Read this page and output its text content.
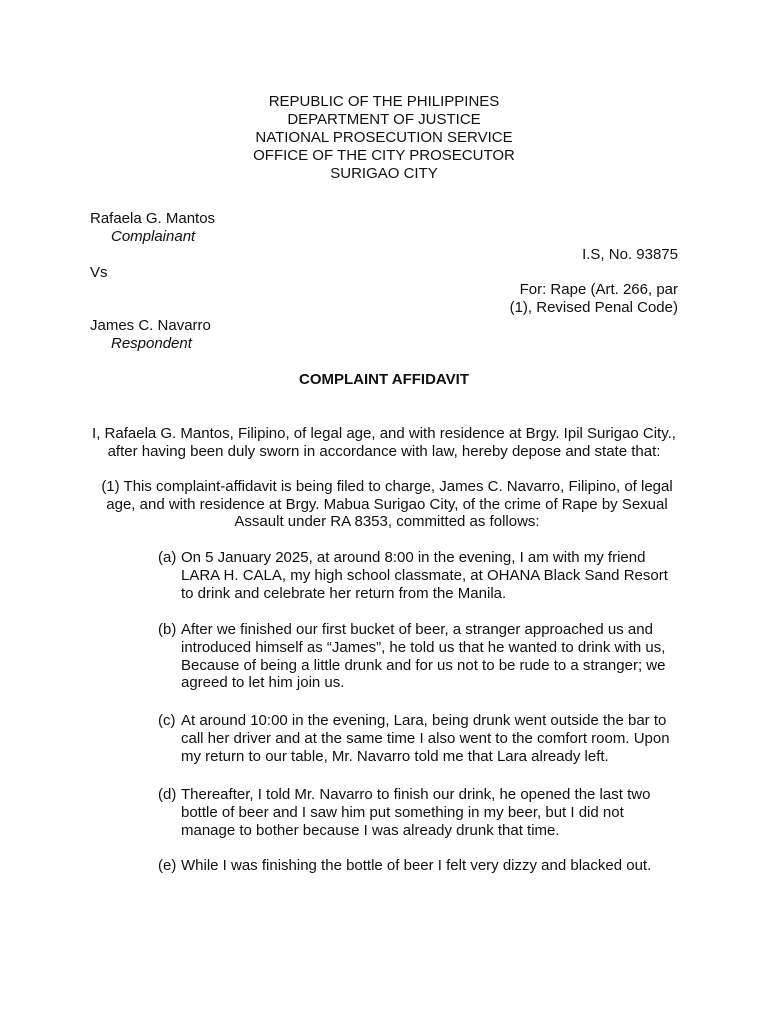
REPUBLIC OF THE PHILIPPINES
DEPARTMENT OF JUSTICE
NATIONAL PROSECUTION SERVICE
OFFICE OF THE CITY PROSECUTOR
SURIGAO CITY
Rafaela G. Mantos
Complainant
I.S, No. 93875
Vs
For: Rape (Art. 266, par
(1), Revised Penal Code)
James C. Navarro
Respondent
COMPLAINT AFFIDAVIT
I, Rafaela G. Mantos, Filipino, of legal age, and with residence at Brgy. Ipil Surigao City., after having been duly sworn in accordance with law, hereby depose and state that:
(1) This complaint-affidavit is being filed to charge, James C. Navarro, Filipino, of legal age, and with residence at Brgy. Mabua Surigao City, of the crime of Rape by Sexual Assault under RA 8353, committed as follows:
(a) On 5 January 2025, at around 8:00 in the evening, I am with my friend LARA H. CALA, my high school classmate, at OHANA Black Sand Resort to drink and celebrate her return from the Manila.
(b) After we finished our first bucket of beer, a stranger approached us and introduced himself as “James”, he told us that he wanted to drink with us, Because of being a little drunk and for us not to be rude to a stranger; we agreed to let him join us.
(c) At around 10:00 in the evening, Lara, being drunk went outside the bar to call her driver and at the same time I also went to the comfort room. Upon my return to our table, Mr. Navarro told me that Lara already left.
(d) Thereafter, I told Mr. Navarro to finish our drink, he opened the last two bottle of beer and I saw him put something in my beer, but I did not manage to bother because I was already drunk that time.
(e) While I was finishing the bottle of beer I felt very dizzy and blacked out.
